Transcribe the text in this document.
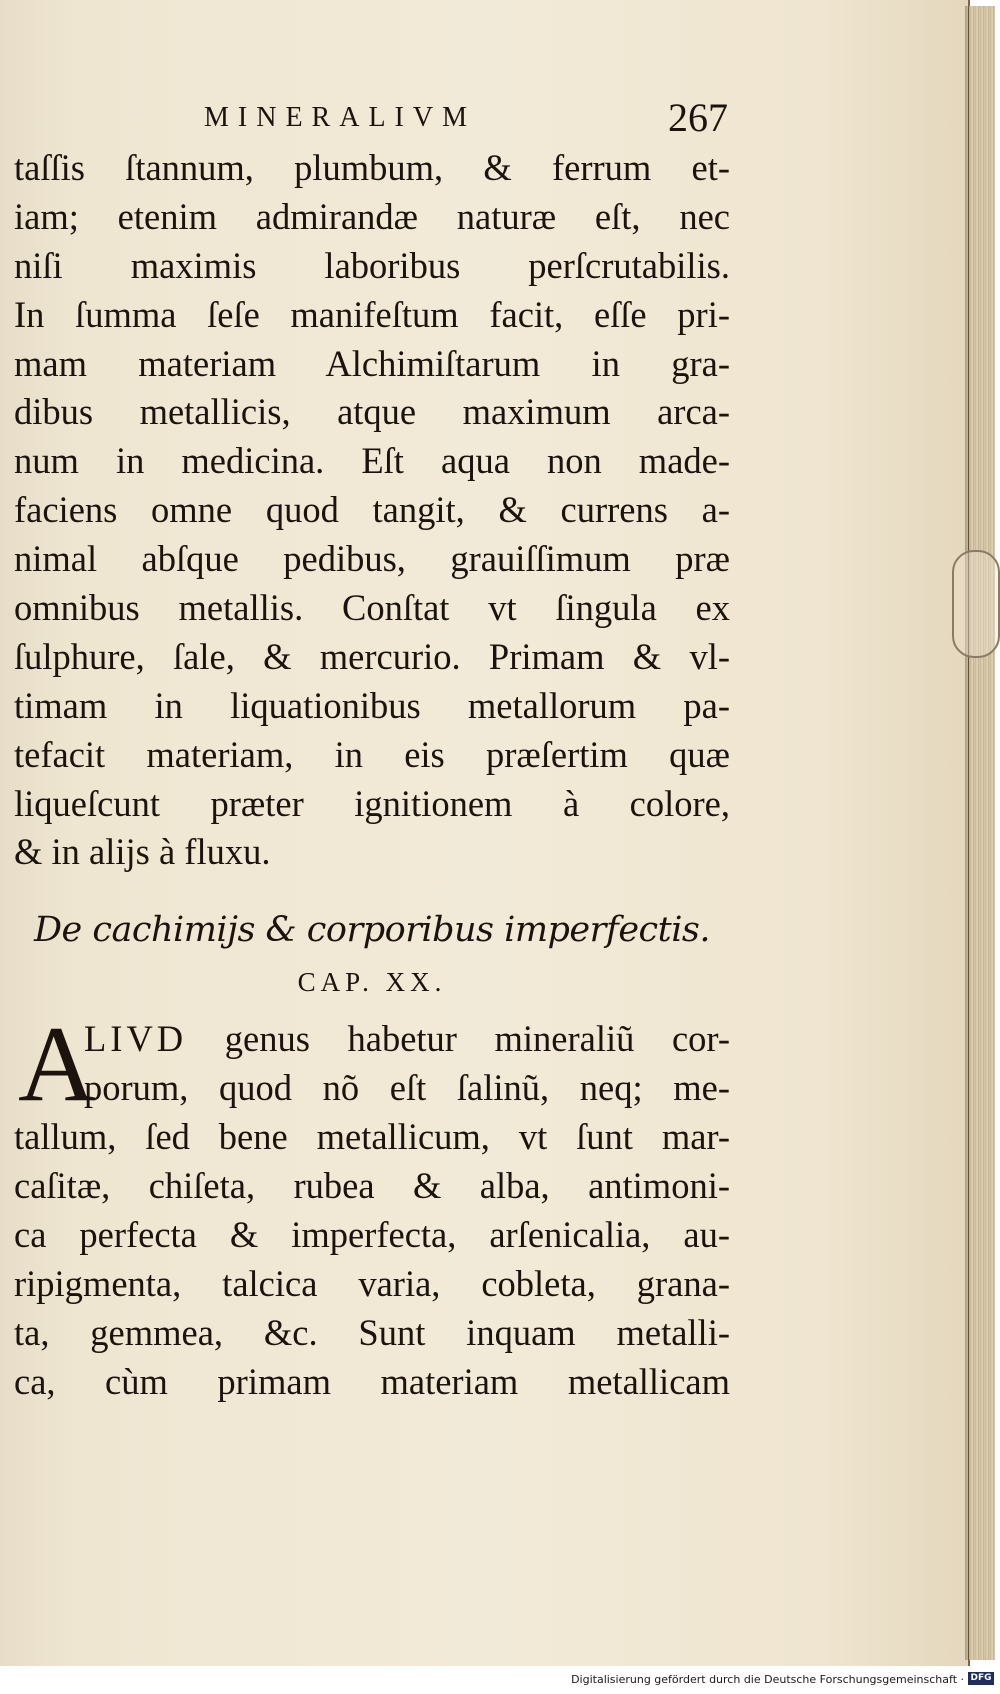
MINERALIVM	267
taſſis ſtannum, plumbum, & ferrum et-
iam; etenim admirandæ naturæ eſt, nec
niſi maximis laboribus perſcrutabilis.
In ſumma ſeſe manifeſtum facit, eſſe pri-
mam materiam Alchimiſtarum in gra-
dibus metallicis, atque maximum arca-
num in medicina. Eſt aqua non made-
faciens omne quod tangit, & currens a-
nimal abſque pedibus, grauiſſimum præ
omnibus metallis. Conſtat vt ſingula ex
ſulphure, ſale, & mercurio. Primam & vl-
timam in liquationibus metallorum pa-
tefacit materiam, in eis præſertim quæ
liqueſcunt præter ignitionem à colore,
& in alijs à fluxu.
De cachimijs & corporibus imperfectis.
CAP. XX.
A
LIVD genus habetur mineraliũ cor-
porum, quod nõ eſt ſalinũ, neq; me-
tallum, ſed bene metallicum, vt ſunt mar-
caſitæ, chiſeta, rubea & alba, antimoni-
ca perfecta & imperfecta, arſenicalia, au-
ripigmenta, talcica varia, cobleta, grana-
ta, gemmea, &c. Sunt inquam metalli-
ca, cùm primam materiam metallicam
Digitalisierung gefördert durch die Deutsche Forschungsgemeinschaft · DFG
